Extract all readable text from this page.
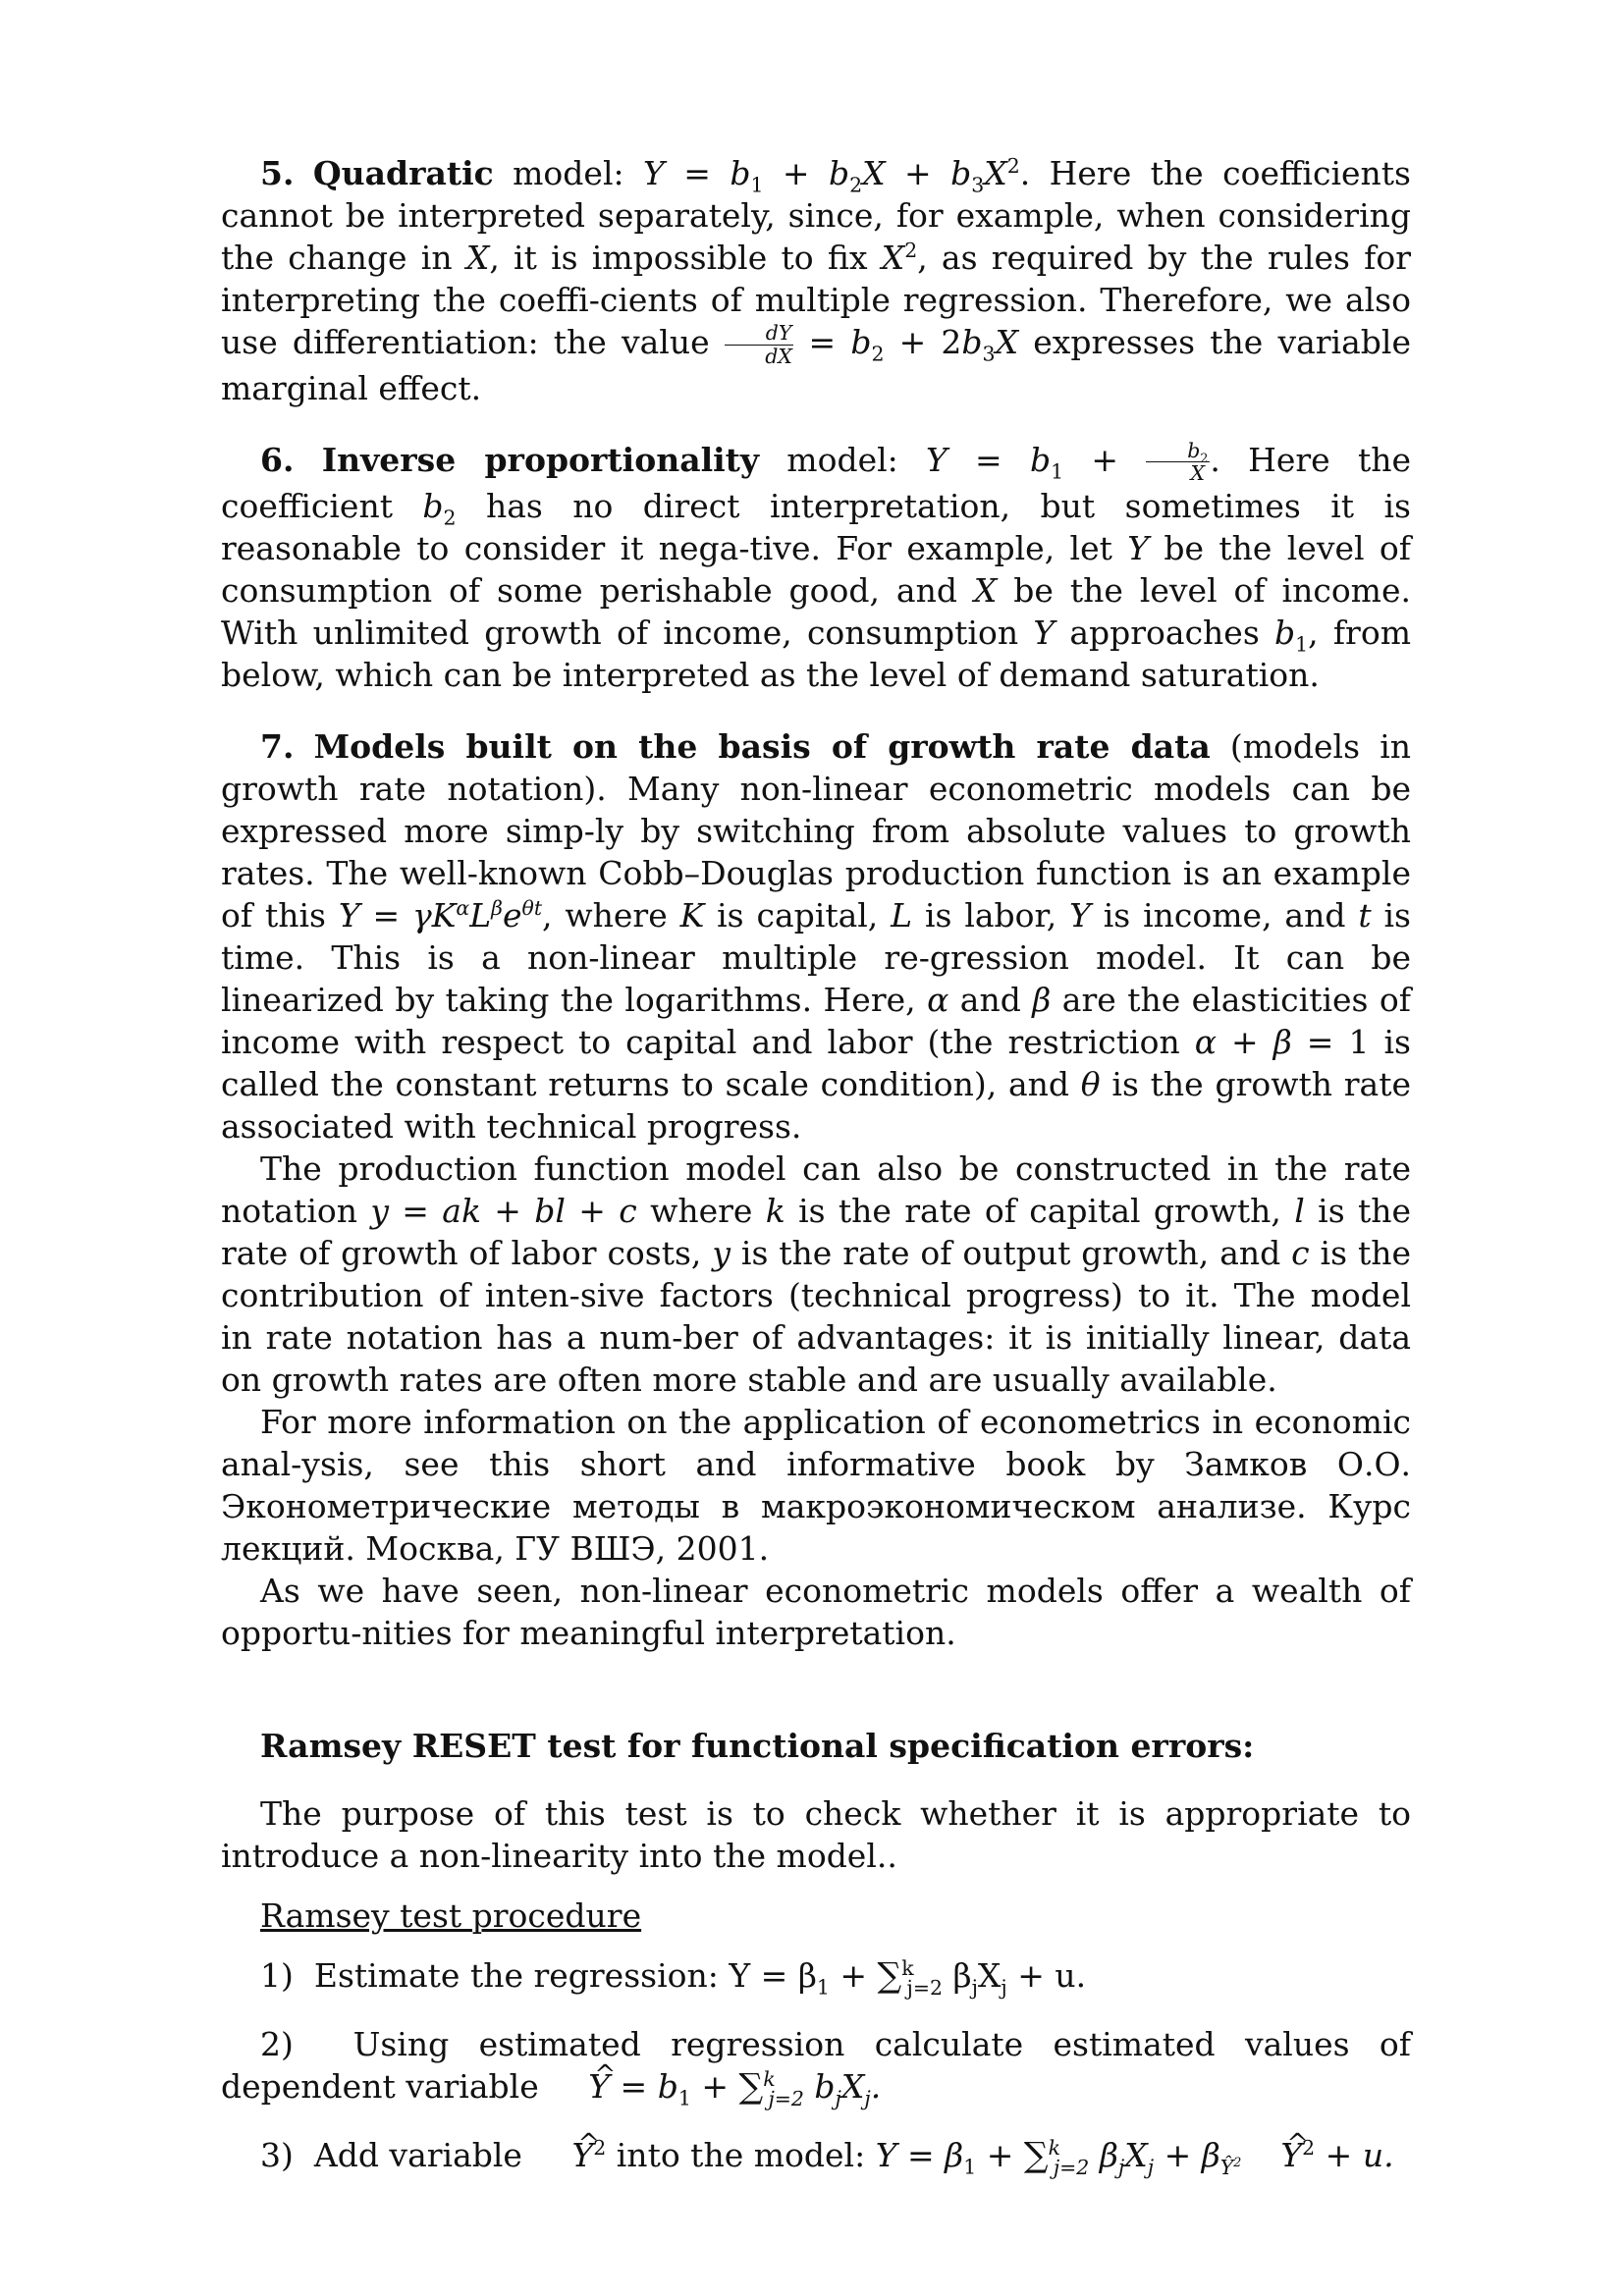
5. Quadratic model: $Y = b_1 + b_2X + b_3X^2$. Here the coefficients cannot be interpreted separately, since, for example, when considering the change in X, it is impossible to fix $X^2$, as required by the rules for interpreting the coeffi-cients of multiple regression. Therefore, we also use differentiation: the value $\frac{dY}{dX} = b_2 + 2b_3X$ expresses the variable marginal effect.

6. Inverse proportionality model: $Y = b_1 + \frac{b_2}{X}$ . Here the coefficient $b_2$ has no direct interpretation, but sometimes it is reasonable to consider it nega-tive. For example, let Y be the level of consumption of some perishable good, and X be the level of income. With unlimited growth of income, consumption Y approaches $b_1$, from below, which can be interpreted as the level of demand saturation.

7. Models built on the basis of growth rate data (models in growth rate notation). Many non-linear econometric models can be expressed more simp-ly by switching from absolute values to growth rates. The well-known Cobb–Douglas production function is an example of this $Y = \gamma K^\alpha L^\beta e^{\theta t}$, where K is capital, L is labor, Y is income, and t is time. This is a non-linear multiple re-gression model. It can be linearized by taking the logarithms. Here, α and β are the elasticities of income with respect to capital and labor (the restriction α + β = 1 is called the constant returns to scale condition), and θ is the growth rate associated with technical progress.

The production function model can also be constructed in the rate notation y = ak + bl + c where k is the rate of capital growth, l is the rate of growth of labor costs, y is the rate of output growth, and c is the contribution of inten-sive factors (technical progress) to it. The model in rate notation has a num-ber of advantages: it is initially linear, data on growth rates are often more stable and are usually available.

For more information on the application of econometrics in economic anal-ysis, see this short and informative book by Замков О.О. Эконометрические методы в макроэкономическом анализе. Курс лекций. Москва, ГУ ВШЭ, 2001.

As we have seen, non-linear econometric models offer a wealth of opportu-nities for meaningful interpretation.

Ramsey RESET test for functional specification errors:

The purpose of this test is to check whether it is appropriate to introduce a non-linearity into the model..

Ramsey test procedure

1) Estimate the regression: $Y = \beta_1 + \sum^k_{j=2}$ $\beta_jX_j + u$.

2) Using estimated regression calculate estimated values of dependent variable ^ $Y = b_1 + \sum^k_{j=2}$ $b_jX_j$.

3) Add variable ^ $Y^2$ into the model: $Y = \beta_1 + \sum^k_{j=2}$ $\beta_jX_j + \beta_{Ŷ^2}$ ^ $Y^2 + u$.
